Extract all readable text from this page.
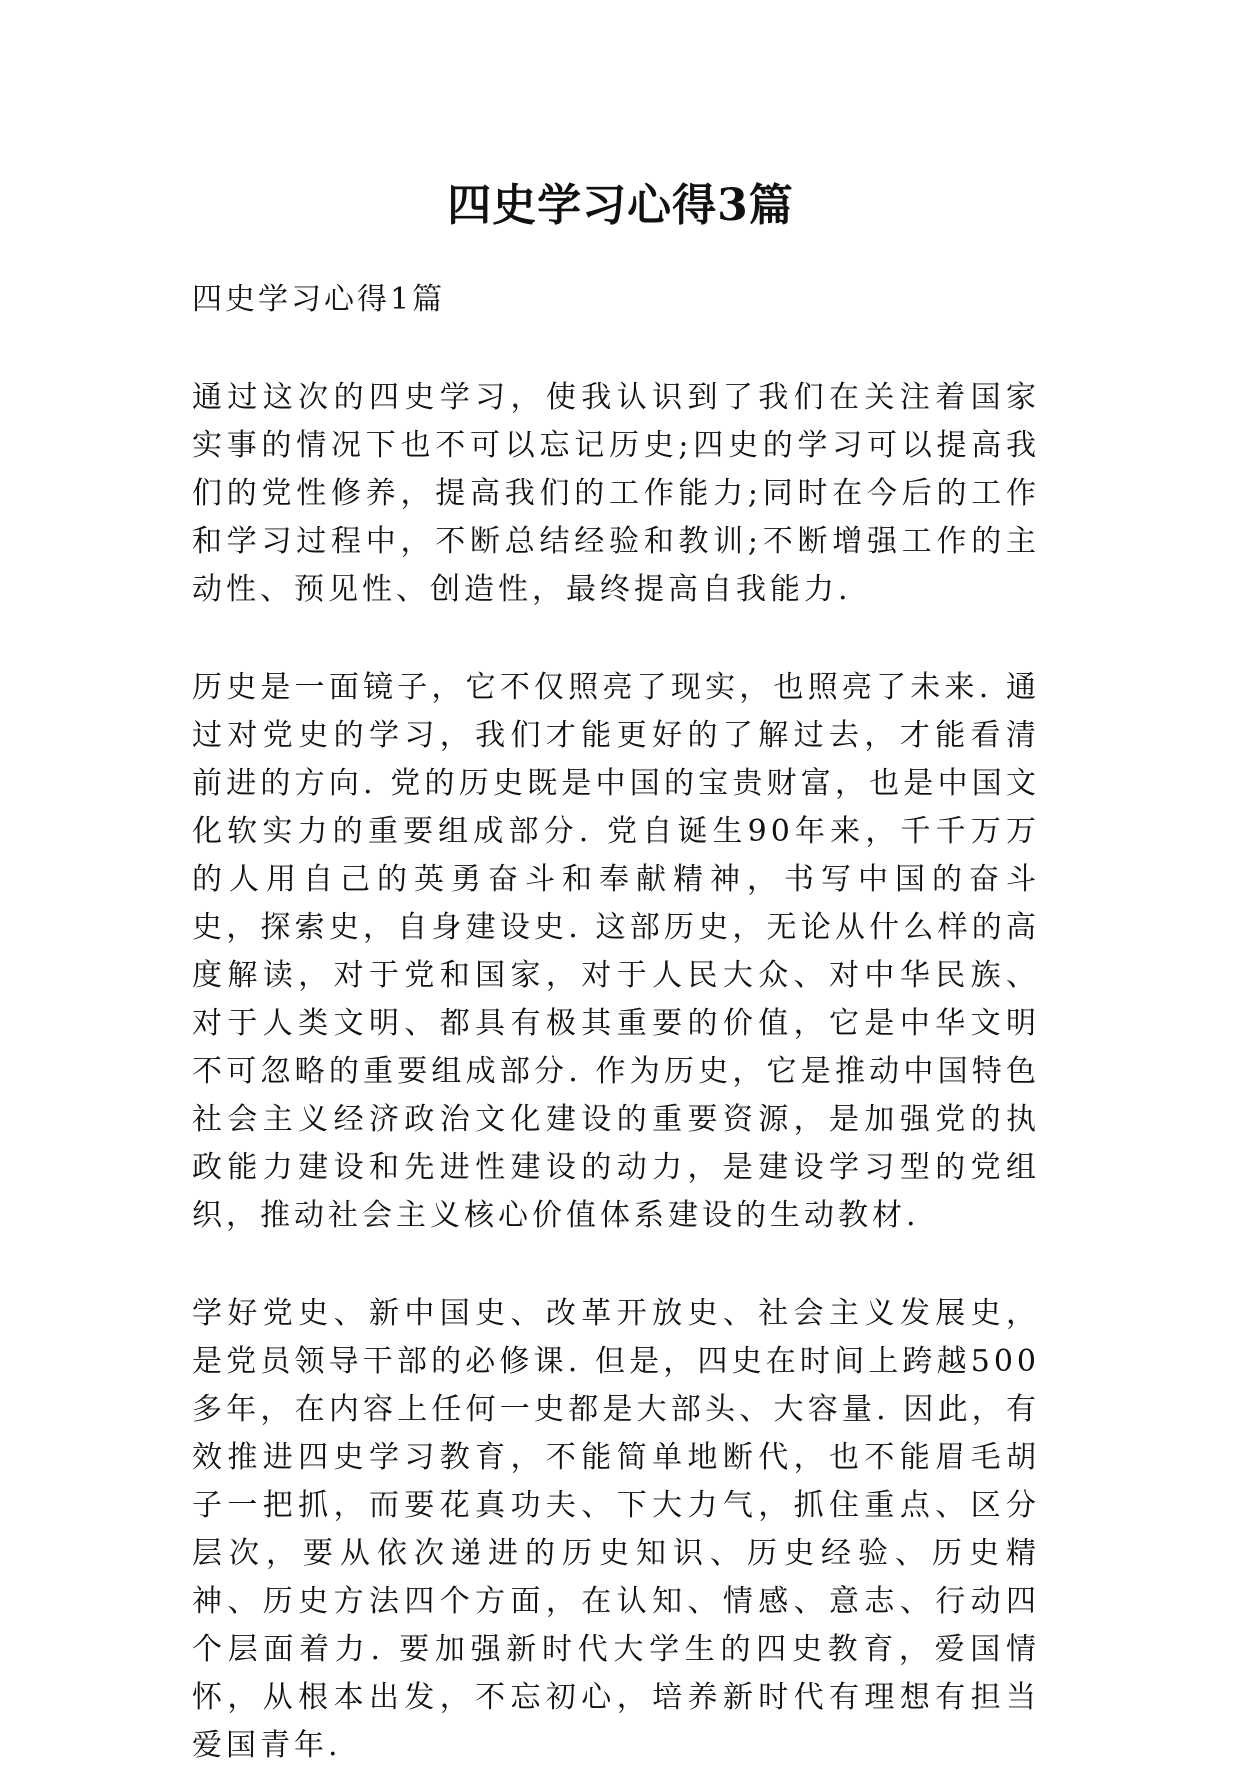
四史学习心得3篇
四史学习心得1篇

通过这次的四史学习，使我认识到了我们在关注着国家实事的情况下也不可以忘记历史;四史的学习可以提高我们的党性修养，提高我们的工作能力;同时在今后的工作和学习过程中，不断总结经验和教训;不断增强工作的主动性、预见性、创造性，最终提高自我能力.

历史是一面镜子，它不仅照亮了现实，也照亮了未来. 通过对党史的学习，我们才能更好的了解过去，才能看清前进的方向. 党的历史既是中国的宝贵财富，也是中国文化软实力的重要组成部分. 党自诞生90年来，千千万万的人用自己的英勇奋斗和奉献精神，书写中国的奋斗史，探索史，自身建设史. 这部历史，无论从什么样的高度解读，对于党和国家，对于人民大众、对中华民族、对于人类文明、都具有极其重要的价值，它是中华文明不可忽略的重要组成部分. 作为历史，它是推动中国特色社会主义经济政治文化建设的重要资源，是加强党的执政能力建设和先进性建设的动力，是建设学习型的党组织，推动社会主义核心价值体系建设的生动教材.

学好党史、新中国史、改革开放史、社会主义发展史，是党员领导干部的必修课. 但是，四史在时间上跨越500多年，在内容上任何一史都是大部头、大容量. 因此，有效推进四史学习教育，不能简单地断代，也不能眉毛胡子一把抓，而要花真功夫、下大力气，抓住重点、区分层次，要从依次递进的历史知识、历史经验、历史精神、历史方法四个方面，在认知、情感、意志、行动四个层面着力. 要加强新时代大学生的四史教育，爱国情怀，从根本出发，不忘初心，培养新时代有理想有担当爱国青年.
